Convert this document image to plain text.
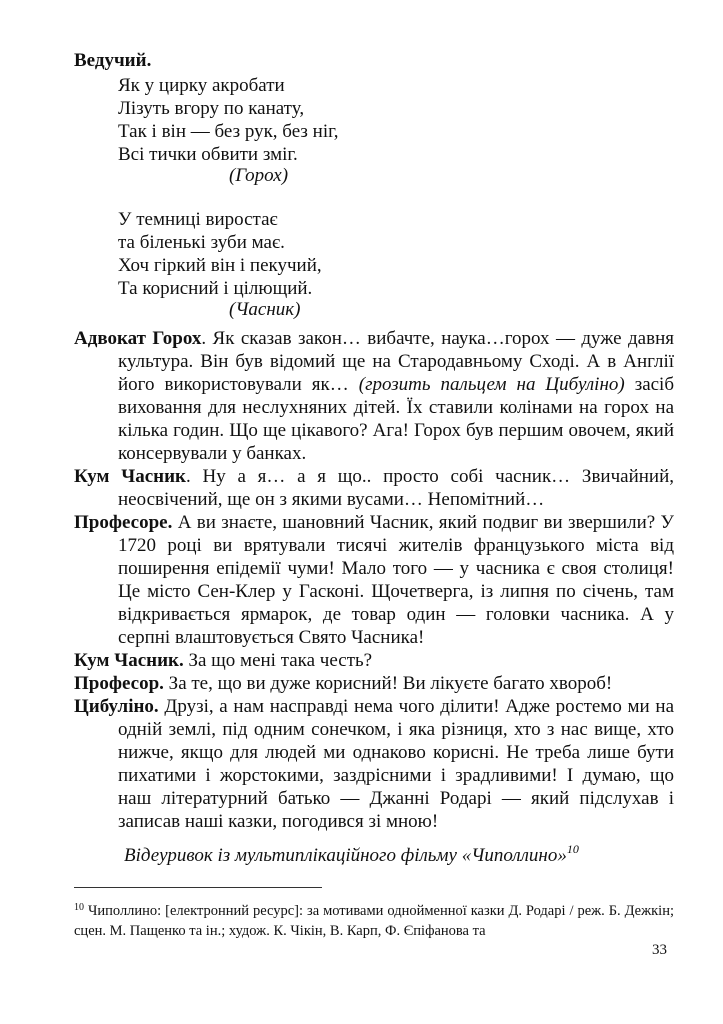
Ведучий.
Як у цирку акробати
Лізуть вгору по канату,
Так і він — без рук, без ніг,
Всі тички обвити зміг.
(Горох)
У темниці виростає
та біленькі зуби має.
Хоч гіркий він і пекучий,
Та корисний і цілющий.
(Часник)

Адвокат Горох. Як сказав закон… вибачте, наука…горох — дуже давня культура. Він був відомий ще на Стародавньому Сході. А в Англії його використовували як… (грозить пальцем на Цибуліно) засіб виховання для неслухняних дітей. Їх ставили колінами на горох на кілька годин. Що ще цікавого? Ага! Горох був першим овочем, який консервували у банках.

Кум Часник. Ну а я… а я що.. просто собі часник… Звичайний, неосвічений, ще он з якими вусами… Непомітний…

Професоре. А ви знаєте, шановний Часник, який подвиг ви звершили? У 1720 році ви врятували тисячі жителів французького міста від поширення епідемії чуми! Мало того — у часника є своя столиця! Це місто Сен-Клер у Гасконі. Щочетверга, із липня по січень, там відкривається ярмарок, де товар один — головки часника. А у серпні влаштовується Свято Часника!

Кум Часник. За що мені така честь?

Професор. За те, що ви дуже корисний! Ви лікуєте багато хвороб!

Цибуліно. Друзі, а нам насправді нема чого ділити! Адже ростемо ми на одній землі, під одним сонечком, і яка різниця, хто з нас вище, хто нижче, якщо для людей ми однаково корисні. Не треба лише бути пихатими і жорстокими, заздрісними і зрадливими! І думаю, що наш літературний батько — Джанні Родарі — який підслухав і записав наші казки, погодився зі мною!

Відеуривок із мультиплікаційного фільму «Чиполлино»$^{10}$
$^{10}$ Чиполлино: [електронний ресурс]: за мотивами однойменної казки Д. Родарі / реж. Б. Дежкін; сцен. М. Пащенко та ін.; худож. К. Чікін, В. Карп, Ф. Єпіфанова та
33
